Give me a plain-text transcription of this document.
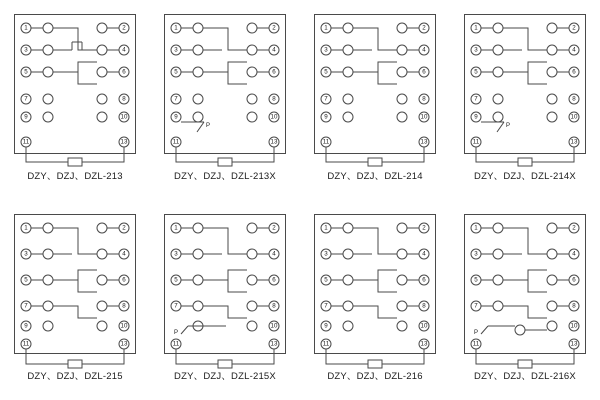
1
3
5
7
9
11
2
4
6
8
10
13
DZY、DZJ、DZL-213
1
3
5
7
9
11
2
4
6
8
10
13
P
DZY、DZJ、DZL-213X
1
3
5
7
9
11
2
4
6
8
10
13
DZY、DZJ、DZL-214
1
3
5
7
9
11
2
4
6
8
10
13
P
DZY、DZJ、DZL-214X
1
3
5
7
9
11
2
4
6
8
10
13
DZY、DZJ、DZL-215
1
3
5
7
11
2
4
6
8
10
13
P
DZY、DZJ、DZL-215X
1
3
5
7
9
11
2
4
6
8
10
13
DZY、DZJ、DZL-216
1
3
5
7
11
2
4
6
8
10
13
P
DZY、DZJ、DZL-216X
